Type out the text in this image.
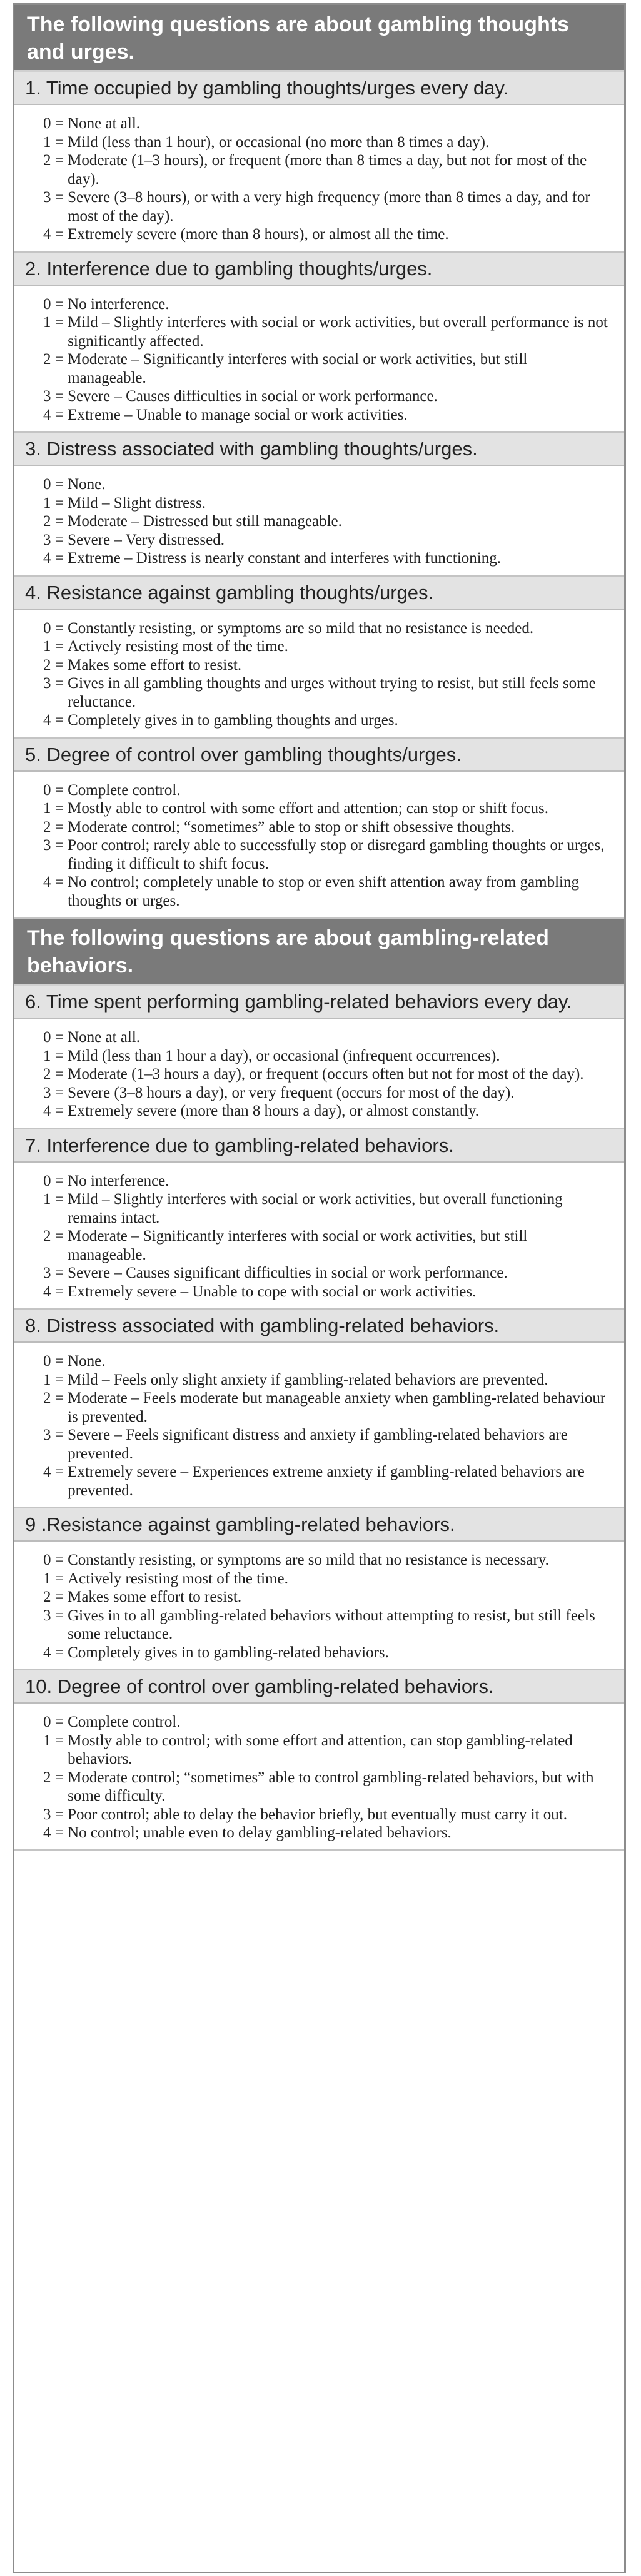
The following questions are about gambling thoughts and urges.
1. Time occupied by gambling thoughts/urges every day.
0 = None at all.
1 = Mild (less than 1 hour), or occasional (no more than 8 times a day).
2 = Moderate (1–3 hours), or frequent (more than 8 times a day, but not for most of the day).
3 = Severe (3–8 hours), or with a very high frequency (more than 8 times a day, and for most of the day).
4 = Extremely severe (more than 8 hours), or almost all the time.
2. Interference due to gambling thoughts/urges.
0 = No interference.
1 = Mild – Slightly interferes with social or work activities, but overall performance is not significantly affected.
2 = Moderate – Significantly interferes with social or work activities, but still manageable.
3 = Severe – Causes difficulties in social or work performance.
4 = Extreme – Unable to manage social or work activities.
3. Distress associated with gambling thoughts/urges.
0 = None.
1 = Mild – Slight distress.
2 = Moderate – Distressed but still manageable.
3 = Severe – Very distressed.
4 = Extreme – Distress is nearly constant and interferes with functioning.
4. Resistance against gambling thoughts/urges.
0 = Constantly resisting, or symptoms are so mild that no resistance is needed.
1 = Actively resisting most of the time.
2 = Makes some effort to resist.
3 = Gives in all gambling thoughts and urges without trying to resist, but still feels some reluctance.
4 = Completely gives in to gambling thoughts and urges.
5. Degree of control over gambling thoughts/urges.
0 = Complete control.
1 = Mostly able to control with some effort and attention; can stop or shift focus.
2 = Moderate control; “sometimes” able to stop or shift obsessive thoughts.
3 = Poor control; rarely able to successfully stop or disregard gambling thoughts or urges, finding it difficult to shift focus.
4 = No control; completely unable to stop or even shift attention away from gambling thoughts or urges.
The following questions are about gambling-related behaviors.
6. Time spent performing gambling-related behaviors every day.
0 = None at all.
1 = Mild (less than 1 hour a day), or occasional (infrequent occurrences).
2 = Moderate (1–3 hours a day), or frequent (occurs often but not for most of the day).
3 = Severe (3–8 hours a day), or very frequent (occurs for most of the day).
4 = Extremely severe (more than 8 hours a day), or almost constantly.
7. Interference due to gambling-related behaviors.
0 = No interference.
1 = Mild – Slightly interferes with social or work activities, but overall functioning remains intact.
2 = Moderate – Significantly interferes with social or work activities, but still manageable.
3 = Severe – Causes significant difficulties in social or work performance.
4 = Extremely severe – Unable to cope with social or work activities.
8. Distress associated with gambling-related behaviors.
0 = None.
1 = Mild – Feels only slight anxiety if gambling-related behaviors are prevented.
2 = Moderate – Feels moderate but manageable anxiety when gambling-related behaviour is prevented.
3 = Severe – Feels significant distress and anxiety if gambling-related behaviors are prevented.
4 = Extremely severe – Experiences extreme anxiety if gambling-related behaviors are prevented.
9 .Resistance against gambling-related behaviors.
0 = Constantly resisting, or symptoms are so mild that no resistance is necessary.
1 = Actively resisting most of the time.
2 = Makes some effort to resist.
3 = Gives in to all gambling-related behaviors without attempting to resist, but still feels some reluctance.
4 = Completely gives in to gambling-related behaviors.
10. Degree of control over gambling-related behaviors.
0 = Complete control.
1 = Mostly able to control; with some effort and attention, can stop gambling-related behaviors.
2 = Moderate control; “sometimes” able to control gambling-related behaviors, but with some difficulty.
3 = Poor control; able to delay the behavior briefly, but eventually must carry it out.
4 = No control; unable even to delay gambling-related behaviors.
